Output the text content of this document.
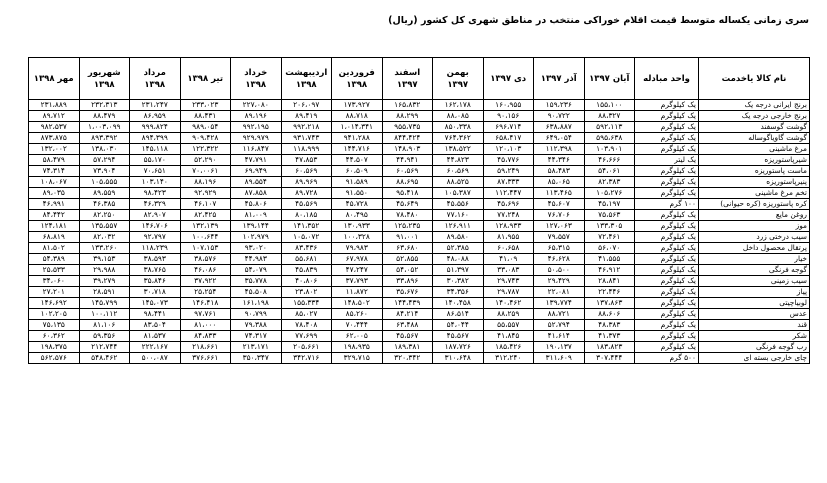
سری زمانی یکساله متوسط قیمت اقلام خوراکی منتخب در مناطق شهری کل کشور (ریال)
نام کالا یاخدمت	واحد مبادله	آبان ۱۳۹۷	آذر ۱۳۹۷	دی ۱۳۹۷	بهمن ۱۳۹۷	اسفند ۱۳۹۷	فروردین ۱۳۹۸	اردیبهشت ۱۳۹۸	خرداد ۱۳۹۸	تیر ۱۳۹۸	مرداد ۱۳۹۸	شهریور ۱۳۹۸	مهر ۱۳۹۸
برنج ایرانی درجه یک	یک کیلوگرم	۱۵۵،۱۰۰	۱۵۹،۲۳۶	۱۶۰،۹۵۵	۱۶۲،۱۷۸	۱۶۵،۸۳۲	۱۷۳،۹۲۷	۲۰۶،۰۹۷	۲۲۷،۰۸۰	۲۳۳،۰۲۳	۲۳۱،۲۴۷	۲۳۲،۳۱۳	۲۳۱،۸۸۹
برنج خارجی درجه یک	یک کیلوگرم	۸۸،۳۲۷	۹۰،۷۲۲	۹۰،۱۵۶	۸۸،۰۸۵	۸۸،۲۹۹	۸۸،۷۱۸	۸۹،۴۱۹	۸۹،۱۹۶	۸۸،۴۳۱	۸۶،۹۵۹	۸۸،۴۷۹	۸۹،۷۱۲
گوشت گوسفند	یک کیلوگرم	۵۹۲،۱۱۳	۶۳۸،۸۸۷	۶۹۶،۷۱۴	۸۵۰،۳۳۸	۹۵۵،۷۳۵	۱،۰۱۴،۳۴۱	۹۹۲،۲۱۸	۹۹۲،۱۹۵	۹۸۹،۰۵۴	۹۹۹،۸۲۴	۱،۰۰۳،۰۹۹	۹۸۲،۵۳۷
گوشت گاوياگوساله	یک کیلوگرم	۵۹۵،۶۳۸	۶۴۹،۰۵۴	۶۵۸،۴۱۷	۷۶۴،۳۶۲	۸۴۴،۴۲۴	۹۴۱،۲۸۸	۹۳۱،۷۴۳	۹۲۹،۹۷۹	۹۰۹،۴۲۸	۸۹۴،۳۹۹	۸۹۳،۳۹۲	۸۷۳،۸۷۵
مرغ ماشینی	یک کیلوگرم	۱۰۳،۹۰۱	۱۱۲،۳۹۸	۱۲۰،۱۰۳	۱۳۸،۵۲۲	۱۴۸،۹۰۳	۱۴۴،۷۱۶	۱۱۸،۹۹۹	۱۱۶،۸۴۷	۱۲۲،۳۲۲	۱۴۵،۱۱۸	۱۳۸،۰۳۰	۱۳۲،۰۰۲
شیرپاستوریزه	یک لیتر	۴۶،۶۶۶	۴۴،۳۴۶	۴۵،۷۷۶	۴۴،۸۲۳	۴۴،۹۴۱	۴۴،۵۰۷	۴۷،۸۵۳	۴۷،۷۹۱	۵۲،۲۹۰	۵۵،۱۷۰	۵۷،۲۹۴	۵۸،۴۷۹
ماست پاستوریزه	یک کیلوگرم	۵۴،۰۶۱	۵۸،۴۸۳	۵۹،۲۴۹	۶۰،۵۶۹	۶۰،۵۶۹	۶۰،۵۰۹	۶۰،۵۶۹	۶۹،۹۴۹	۷۰،۰۰۶۱	۷۰،۶۵۱	۷۳،۹۰۴	۷۴،۳۱۴
پنیرپاستوریزه	یک کیلوگرم	۸۲،۳۸۳	۸۵،۰۶۵	۸۷،۳۳۳	۸۸،۵۲۵	۸۸،۶۹۵	۹۱،۵۸۹	۸۹،۹۶۹	۸۹،۵۵۴	۸۸،۱۹۶	۱۰۳،۱۴۰	۱۰۵،۵۵۵	۱۰۸،۰۶۷
تخم مرغ ماشینی	یک کیلوگرم	۱۰۵،۲۷۶	۱۱۳،۴۶۵	۱۱۲،۴۴۷	۱۰۵،۳۸۷	۹۵،۴۱۸	۹۱،۵۵۰	۸۹،۷۲۸	۸۷،۸۵۸	۹۲،۹۲۹	۹۸،۴۲۳	۸۹،۵۵۹	۸۹،۰۳۵
کره پاستوریزه (کره حیوانی)	۱۰۰ گرم	۴۵،۱۹۷	۴۵،۶۰۷	۴۵،۶۹۶	۴۵،۵۵۶	۴۵،۶۴۹	۴۵،۷۲۸	۴۵،۵۶۹	۴۵،۸۰۶	۴۶،۱۰۷	۴۶،۳۲۹	۴۶،۳۸۵	۴۶،۹۹۱
روغن مایع	یک کیلوگرم	۷۵،۵۶۳	۷۶،۷۰۶	۷۷،۲۴۸	۷۷،۱۶۰	۷۸،۴۸۰	۸۰،۴۹۵	۸۰،۱۸۵	۸۱،۰۰۹	۸۲،۴۲۵	۸۲،۹۰۷	۸۲،۲۵۰	۸۴،۴۴۲
موز	یک کیلوگرم	۱۳۳،۳۰۵	۱۲۷،۰۶۳	۱۲۸،۹۳۳	۱۲۶،۹۱۱	۱۲۵،۲۳۵	۱۳۰،۹۳۳	۱۴۱،۳۵۲	۱۳۹،۱۴۴	۱۳۲،۱۳۹	۱۴۶،۷۰۶	۱۳۵،۵۵۷	۱۲۴،۱۸۱
سیب درختی زرد	یک کیلوگرم	۷۲،۴۶۱	۷۹،۵۵۷	۸۱،۹۵۵	۸۹،۵۸۰	۹۱،۰۰۱	۱۰۰،۳۲۸	۱۰۵،۰۷۲	۱۰۲،۹۷۹	۱۰۰،۶۴۴	۹۲،۷۹۷	۸۲،۰۳۲	۶۸،۸۱۹
پرتقال محصول داخل	یک کیلوگرم	۵۶،۰۷۰	۶۵،۳۱۵	۶۰،۶۵۸	۵۲،۳۸۵	۶۳،۶۸۰	۷۹،۹۸۳	۸۳،۴۳۶	۹۳،۰۲۰	۱۰۷،۱۵۳	۱۱۸،۲۳۹	۱۳۳،۲۶۰	۸۱،۵۰۲
خیار	یک کیلوگرم	۴۱،۵۵۵	۴۶،۶۲۸	۴۱،۰۹	۴۸،۰۸۸	۵۲،۸۵۵	۶۷،۹۷۸	۵۵،۶۸۱	۴۴،۹۸۳	۳۸،۵۷۶	۳۸،۵۹۳	۳۹،۱۵۳	۵۴،۳۸۹
گوجه فرنگی	یک کیلوگرم	۴۶،۹۱۲	۵۰،۵۰۰	۳۳،۰۸۳	۵۱،۳۹۷	۵۴،۰۵۲	۴۷،۲۴۷	۴۵،۸۳۹	۵۴،۰۷۹	۴۶،۰۸۶	۳۸،۷۶۵	۲۹،۹۸۸	۲۵،۵۳۳
سیب زمینی	یک کیلوگرم	۲۸،۸۴۱	۲۹،۴۲۹	۲۹،۷۴۳	۳۰،۳۸۲	۳۳،۸۹۶	۳۷،۷۹۳	۴۰،۸۰۶	۳۵،۷۷۸	۳۷،۹۲۲	۳۵،۸۴۶	۳۹،۲۷۹	۳۴،۰۶۰
پیاز	یک کیلوگرم	۲۲،۴۴۶	۲۲،۰۸۱	۲۹،۷۸۷	۳۴،۳۵۶	۳۵،۶۷۶	۱۱،۸۷۲	۲۳،۸۰۲	۴۵،۵۰۸	۲۵،۲۵۴	۳۰،۷۱۸	۲۸،۵۹۱	۲۷،۲۰۱
لوبیاچیتی	یک کیلوگرم	۱۳۷،۸۶۳	۱۳۹،۷۷۴	۱۴۰،۴۶۲	۱۴۰،۴۵۸	۱۴۴،۴۳۹	۱۴۸،۵۰۲	۱۵۵،۳۳۴	۱۶۱،۱۹۸	۱۴۶،۴۱۸	۱۴۵،۰۷۳	۱۴۵،۷۹۹	۱۴۶،۶۹۲
عدس	یک کیلوگرم	۸۸،۶۰۶	۸۸،۷۲۱	۸۸،۲۵۹	۸۶،۵۱۴	۸۴،۲۱۴	۸۵،۲۶۰	۸۵،۰۲۷	۹۰،۷۹۹	۹۷،۷۶۱	۹۸،۴۴۱	۱۰۰،۱۱۲	۱۰۲،۲۰۵
قند	یک کیلوگرم	۴۸،۳۸۳	۵۲،۷۹۴	۵۵،۵۵۷	۵۴،۰۴۴	۶۳،۴۸۸	۷۰،۴۴۴	۷۸،۴۰۸	۷۹،۳۸۸	۸۱،۰۰۰	۸۳،۵۰۴	۸۱،۱۰۶	۷۵،۱۳۵
شکر	یک کیلوگرم	۴۱،۳۷۳	۴۱،۶۱۴	۴۱،۸۴۵	۴۵،۵۶۷	۴۵،۵۶۷	۶۲،۰۰۵	۷۷،۶۹۹	۷۴،۳۱۷	۸۴،۸۳۳	۸۱،۵۳۷	۵۹،۳۵۶	۶۰،۳۶۲
رب گوجه فرنگی	یک کیلوگرم	۱۸۳،۸۲۳	۱۹۰،۱۳۷	۱۸۵،۴۲۶	۱۸۷،۷۲۶	۱۸۹،۳۸۱	۱۹۸،۹۳۵	۲۰۵،۶۶۱	۲۱۳،۱۷۱	۲۱۸،۶۶۱	۲۲۲،۱۶۷	۲۱۲،۷۴۴	۱۹۸،۳۷۵
چای خارجی بسته ای	۵۰۰ گرم	۳۰۷،۴۴۴	۳۱۱،۶۰۹	۳۱۲،۲۴۰	۳۱۰،۶۴۸	۳۲۰،۳۴۲	۳۲۹،۷۱۵	۳۴۲،۷۱۶	۳۵۰،۳۴۷	۳۷۶،۶۶۱	۵۰۰،۰۸۷	۵۴۸،۴۶۲	۵۶۲،۵۷۶
